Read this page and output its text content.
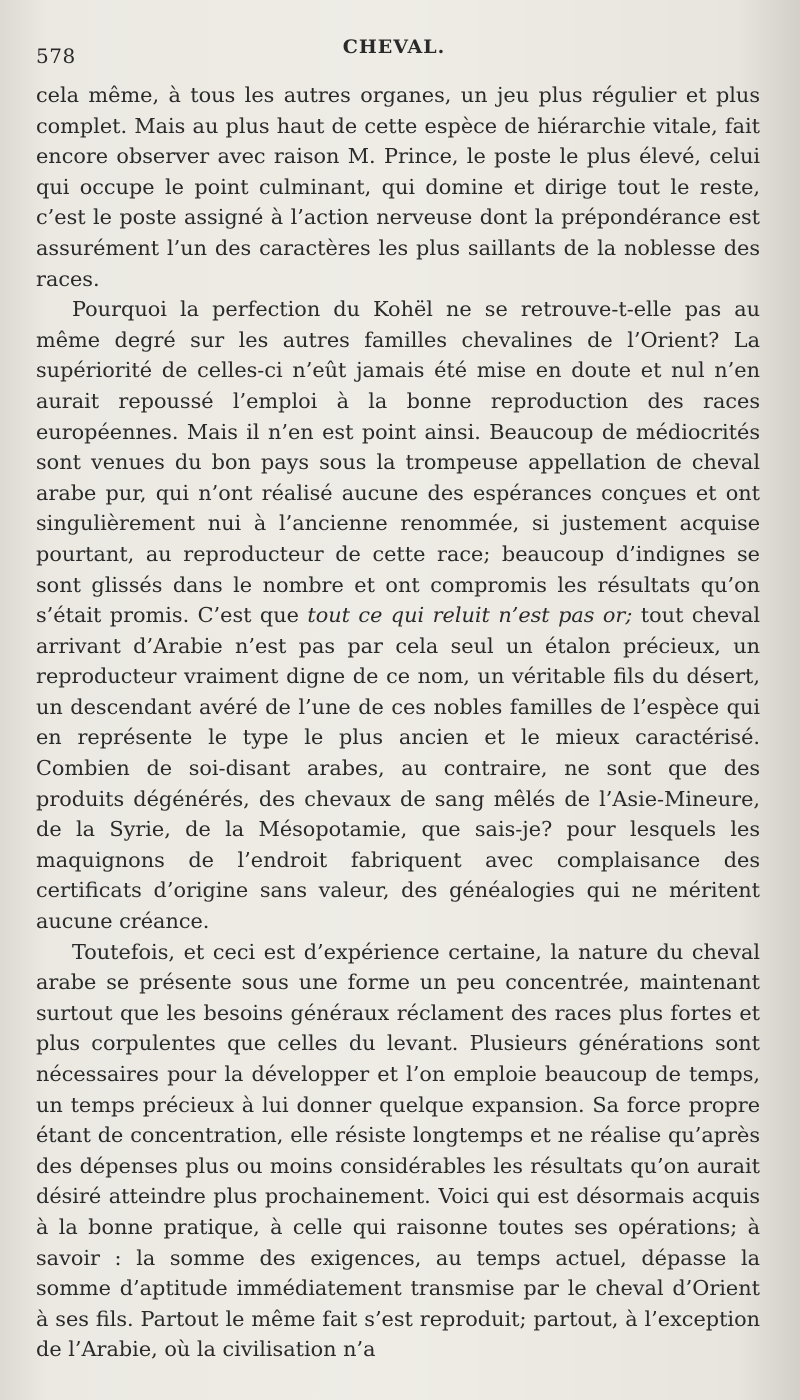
578	CHEVAL.

cela même, à tous les autres organes, un jeu plus régulier et plus complet. Mais au plus haut de cette espèce de hiérarchie vitale, fait encore observer avec raison M. Prince, le poste le plus élevé, celui qui occupe le point culminant, qui domine et dirige tout le reste, c’est le poste assigné à l’action nerveuse dont la prépondérance est assurément l’un des caractères les plus saillants de la noblesse des races.

Pourquoi la perfection du Kohël ne se retrouve-t-elle pas au même degré sur les autres familles chevalines de l’Orient? La supériorité de celles-ci n’eût jamais été mise en doute et nul n’en aurait repoussé l’emploi à la bonne reproduction des races européennes. Mais il n’en est point ainsi. Beaucoup de médiocrités sont venues du bon pays sous la trompeuse appellation de cheval arabe pur, qui n’ont réalisé aucune des espérances conçues et ont singulièrement nui à l’ancienne renommée, si justement acquise pourtant, au reproducteur de cette race; beaucoup d’indignes se sont glissés dans le nombre et ont compromis les résultats qu’on s’était promis. C’est que tout ce qui reluit n’est pas or; tout cheval arrivant d’Arabie n’est pas par cela seul un étalon précieux, un reproducteur vraiment digne de ce nom, un véritable fils du désert, un descendant avéré de l’une de ces nobles familles de l’espèce qui en représente le type le plus ancien et le mieux caractérisé. Combien de soi-disant arabes, au contraire, ne sont que des produits dégénérés, des chevaux de sang mêlés de l’Asie-Mineure, de la Syrie, de la Mésopotamie, que sais-je? pour lesquels les maquignons de l’endroit fabriquent avec complaisance des certificats d’origine sans valeur, des généalogies qui ne méritent aucune créance.

Toutefois, et ceci est d’expérience certaine, la nature du cheval arabe se présente sous une forme un peu concentrée, maintenant surtout que les besoins généraux réclament des races plus fortes et plus corpulentes que celles du levant. Plusieurs générations sont nécessaires pour la développer et l’on emploie beaucoup de temps, un temps précieux à lui donner quelque expansion. Sa force propre étant de concentration, elle résiste longtemps et ne réalise qu’après des dépenses plus ou moins considérables les résultats qu’on aurait désiré atteindre plus prochainement. Voici qui est désormais acquis à la bonne pratique, à celle qui raisonne toutes ses opérations; à savoir : la somme des exigences, au temps actuel, dépasse la somme d’aptitude immédiatement transmise par le cheval d’Orient à ses fils. Partout le même fait s’est reproduit; partout, à l’exception de l’Arabie, où la civilisation n’a
